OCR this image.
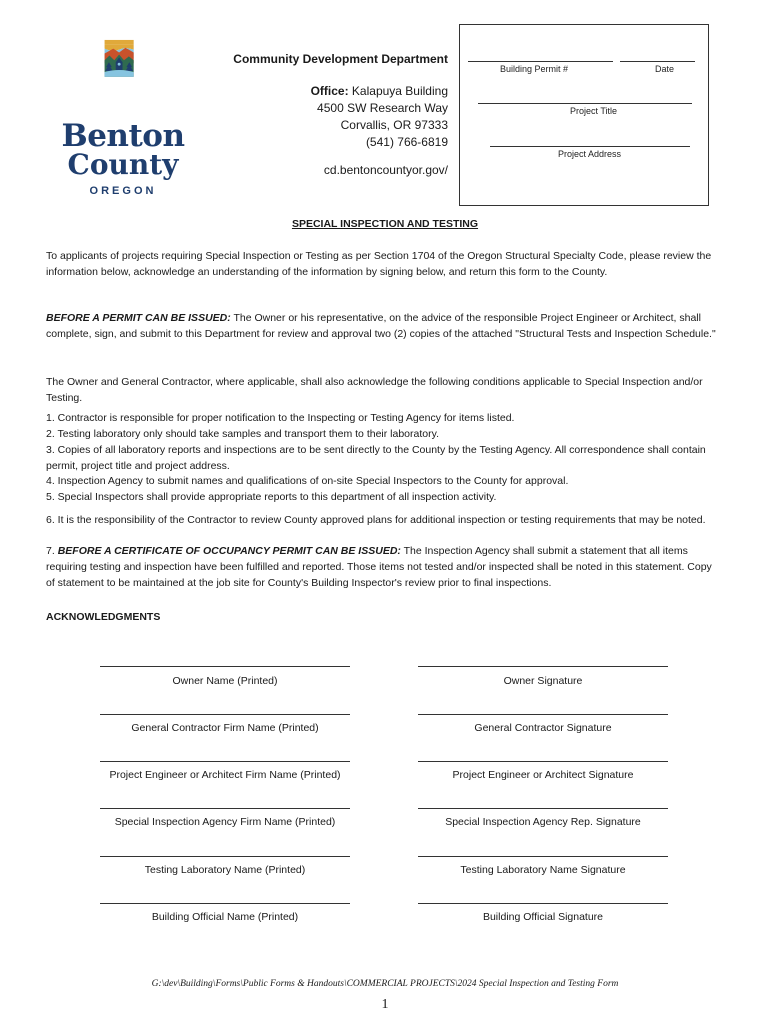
Benton
County
OREGON
Community Development Department
Office: Kalapuya Building
4500 SW Research Way
Corvallis, OR 97333
(541) 766-6819
cd.bentoncountyor.gov/
Building Permit #	Date
Project Title
Project Address
SPECIAL INSPECTION AND TESTING
To applicants of projects requiring Special Inspection or Testing as per Section 1704 of the Oregon Structural Specialty Code, please review the information below, acknowledge an understanding of the information by signing below, and return this form to the County.
BEFORE A PERMIT CAN BE ISSUED: The Owner or his representative, on the advice of the responsible Project Engineer or Architect, shall complete, sign, and submit to this Department for review and approval two (2) copies of the attached "Structural Tests and Inspection Schedule."
The Owner and General Contractor, where applicable, shall also acknowledge the following conditions applicable to Special Inspection and/or Testing.
1. Contractor is responsible for proper notification to the Inspecting or Testing Agency for items listed.
2. Testing laboratory only should take samples and transport them to their laboratory.
3. Copies of all laboratory reports and inspections are to be sent directly to the County by the Testing Agency. All correspondence shall contain permit, project title and project address.
4. Inspection Agency to submit names and qualifications of on-site Special Inspectors to the County for approval.
5. Special Inspectors shall provide appropriate reports to this department of all inspection activity.
6. It is the responsibility of the Contractor to review County approved plans for additional inspection or testing requirements that may be noted.
7. BEFORE A CERTIFICATE OF OCCUPANCY PERMIT CAN BE ISSUED: The Inspection Agency shall submit a statement that all items requiring testing and inspection have been fulfilled and reported. Those items not tested and/or inspected shall be noted in this statement. Copy of statement to be maintained at the job site for County's Building Inspector's review prior to final inspections.
ACKNOWLEDGMENTS
Owner Name (Printed)	Owner Signature
General Contractor Firm Name (Printed)	General Contractor Signature
Project Engineer or Architect Firm Name (Printed)	Project Engineer or Architect Signature
Special Inspection Agency Firm Name (Printed)	Special Inspection Agency Rep. Signature
Testing Laboratory Name (Printed)	Testing Laboratory Name Signature
Building Official Name (Printed)	Building Official Signature
G:\dev\Building\Forms\Public Forms & Handouts\COMMERCIAL PROJECTS\2024 Special Inspection and Testing Form
1
